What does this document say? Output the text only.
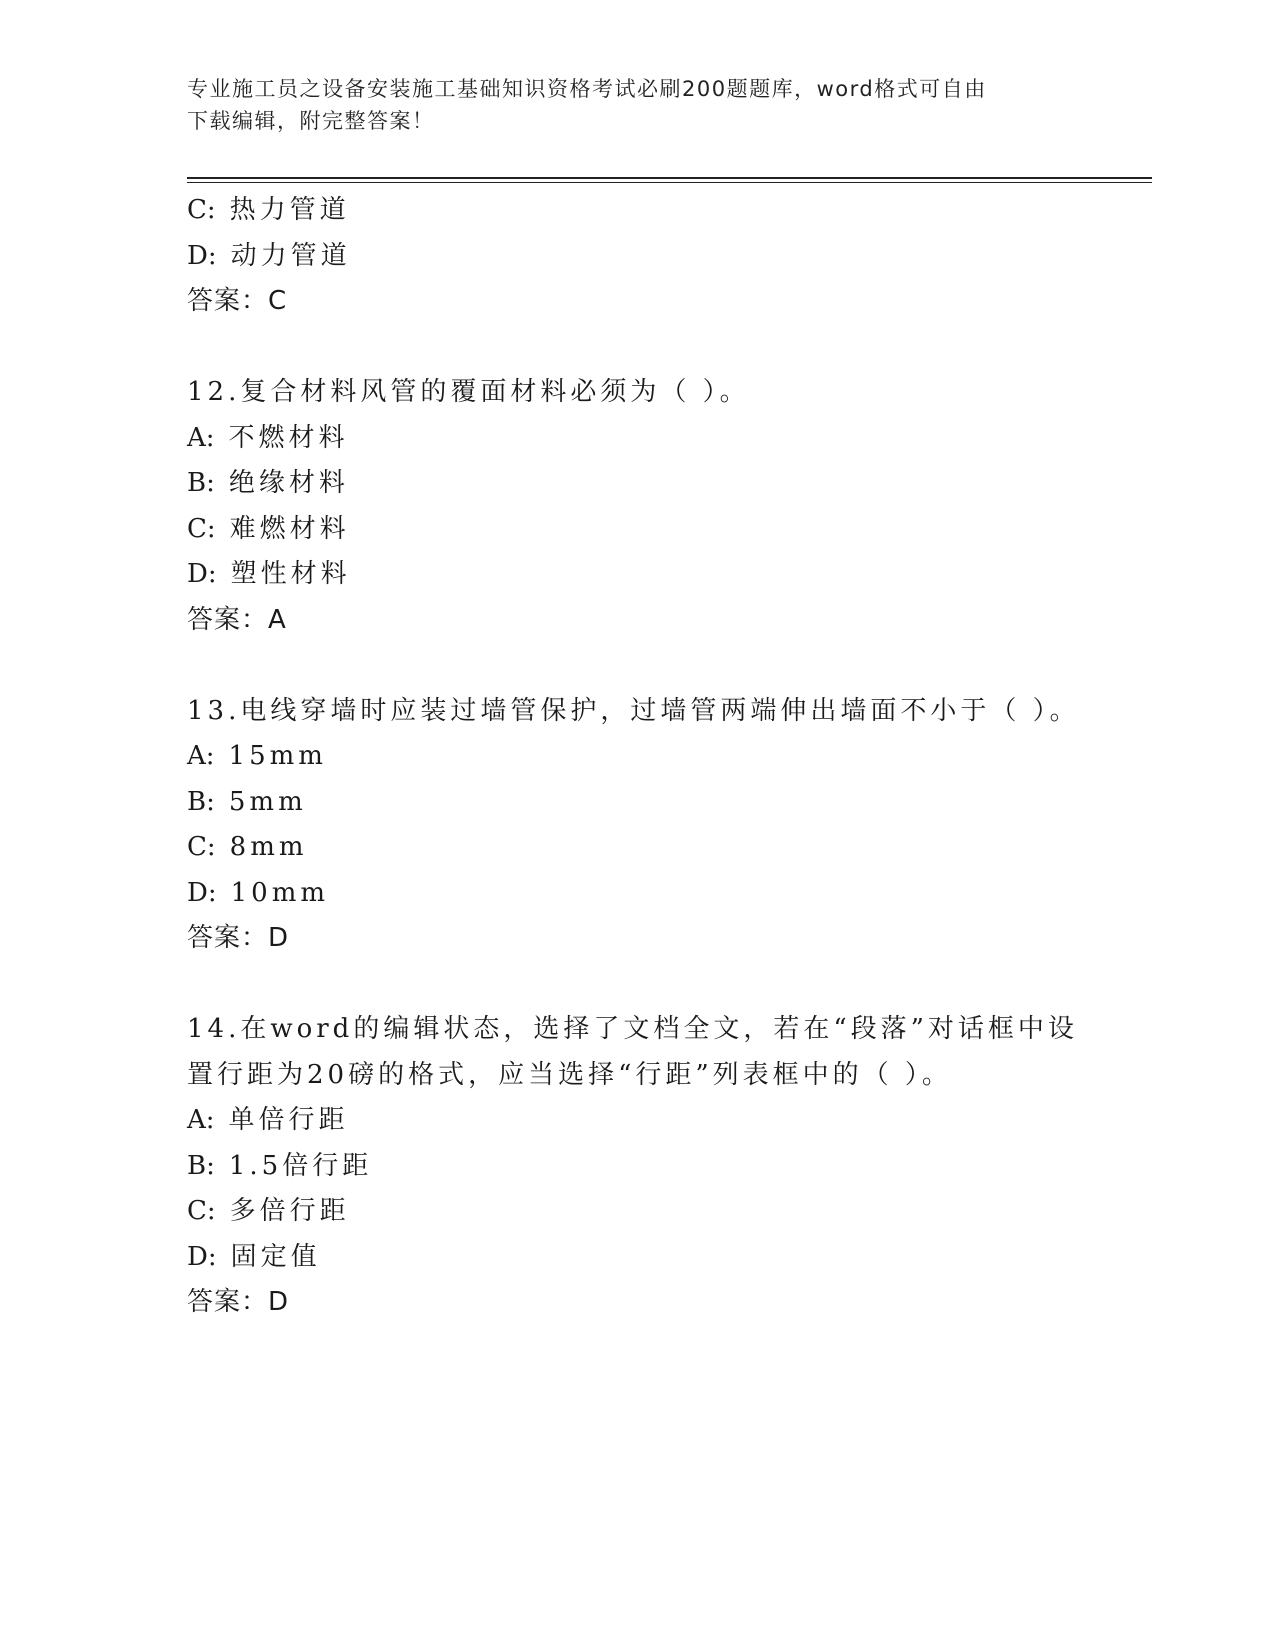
专业施工员之设备安装施工基础知识资格考试必刷200题题库，word格式可自由
下载编辑，附完整答案！
C: 热力管道
D: 动力管道
答案：C
12.复合材料风管的覆面材料必须为（ ）。
A: 不燃材料
B: 绝缘材料
C: 难燃材料
D: 塑性材料
答案：A
13.电线穿墙时应装过墙管保护，过墙管两端伸出墙面不小于（ ）。
A: 15mm
B: 5mm
C: 8mm
D: 10mm
答案：D
14.在word的编辑状态，选择了文档全文，若在“段落”对话框中设
置行距为20磅的格式，应当选择“行距”列表框中的（ ）。
A: 单倍行距
B: 1.5倍行距
C: 多倍行距
D: 固定值
答案：D
